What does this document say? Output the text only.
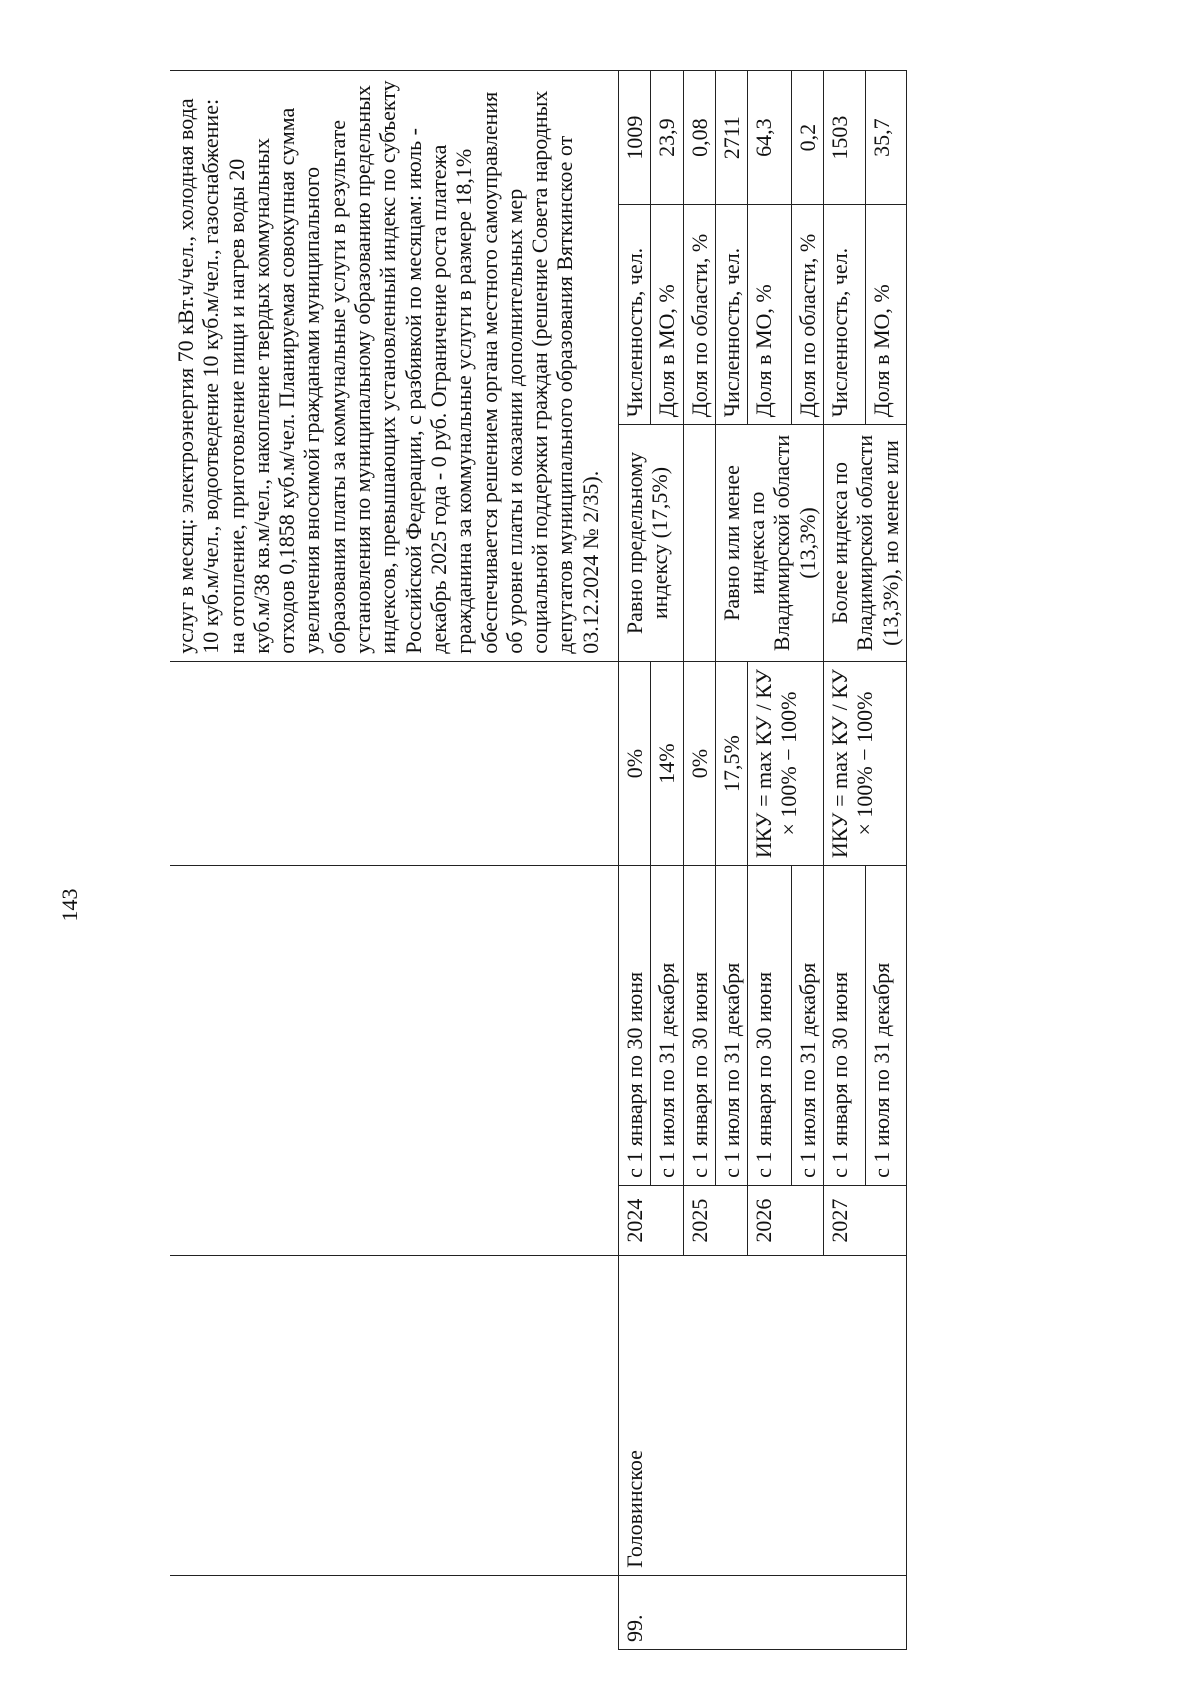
143
					услуг в месяц: электроэнергия 70 кВт.ч/чел., холодная вода 10 куб.м/чел., водоотведение 10 куб.м/чел., газоснабжение: на отопление, приготовление пищи и нагрев воды 20 куб.м/38 кв.м/чел., накопление твердых коммунальных отходов 0,1858 куб.м/чел. Планируемая совокупная сумма увеличения вносимой гражданами муниципального образования платы за коммунальные услуги в результате установления по муниципальному образованию предельных индексов, превышающих установленный индекс по субъекту Российской Федерации, с разбивкой по месяцам: июль - декабрь 2025 года - 0 руб. Ограничение роста платежа гражданина за коммунальные услуги в размере 18,1% обеспечивается решением органа местного самоуправления об уровне платы и оказании дополнительных мер социальной поддержки граждан (решение Совета народных депутатов муниципального образования Вяткинское от 03.12.2024 № 2/35).		
99.	Головинское	2024	с 1 января по 30 июня	0%	Равно предельному индексу (17,5%)	Численность, чел.	1009
			с 1 июля по 31 декабря	14%		Доля в МО, %	23,9
		2025	с 1 января по 30 июня	0%		Доля по области, %	0,08
			с 1 июля по 31 декабря	17,5%	Равно или менее индекса по Владимирской области (13,3%)	Численность, чел.	2711
		2026	с 1 января по 30 июня	ИКУ = max КУ / КУ × 100% − 100%		Доля в МО, %	64,3
			с 1 июля по 31 декабря			Доля по области, %	0,2
		2027	с 1 января по 30 июня	ИКУ = max КУ / КУ × 100% − 100%	Более индекса по Владимирской области (13,3%), но менее или	Численность, чел.	1503
			с 1 июля по 31 декабря			Доля в МО, %	35,7
